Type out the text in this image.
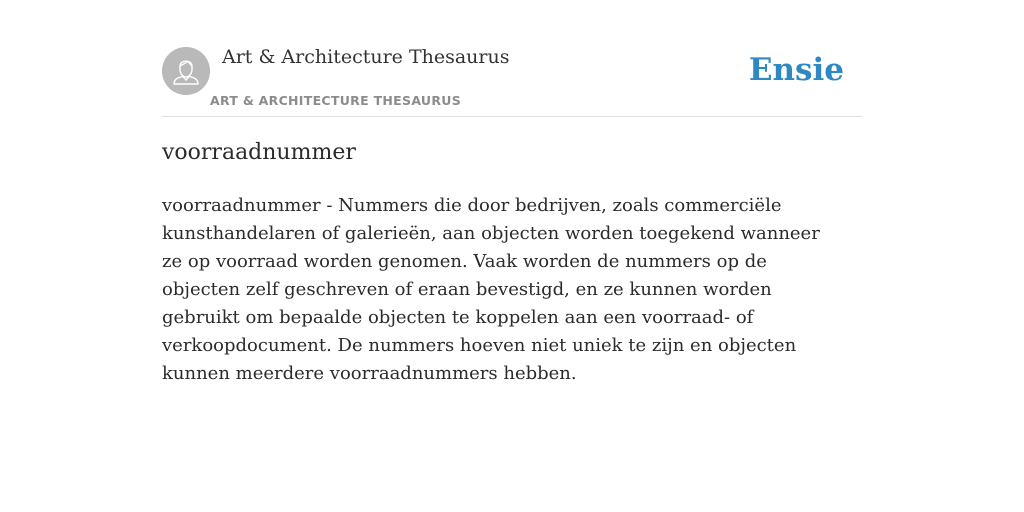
Art & Architecture Thesaurus
ART & ARCHITECTURE THESAURUS
Ensie
voorraadnummer

voorraadnummer - Nummers die door bedrijven, zoals commerciële kunsthandelaren of galerieën, aan objecten worden toegekend wanneer ze op voorraad worden genomen. Vaak worden de nummers op de objecten zelf geschreven of eraan bevestigd, en ze kunnen worden gebruikt om bepaalde objecten te koppelen aan een voorraad- of verkoopdocument. De nummers hoeven niet uniek te zijn en objecten kunnen meerdere voorraadnummers hebben.
